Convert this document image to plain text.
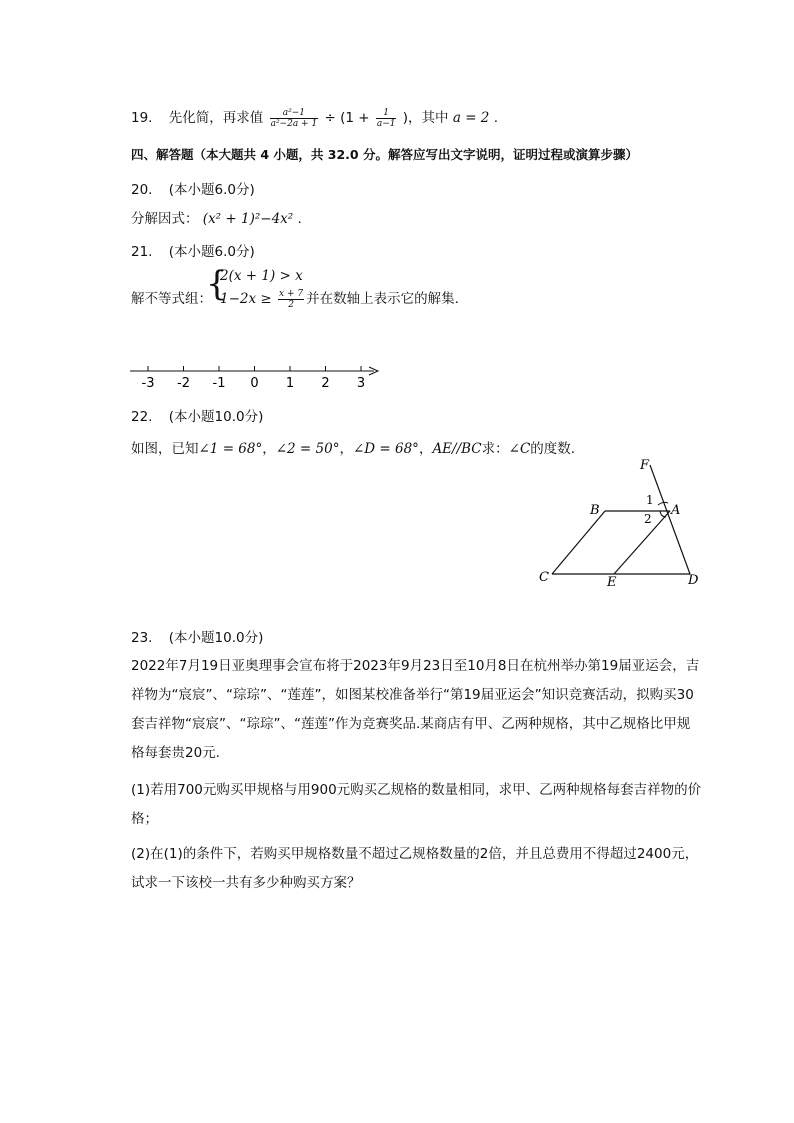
19. 先化简，再求值 $\frac{\text{a²−1}}{\text{a²−2a + 1}} \div (1 + \frac{1}{a-1}$ )，其中 a = 2 .
四、解答题（本大题共 4 小题，共 32.0 分。解答应写出文字说明，证明过程或演算步骤）
20. (本小题6.0分)
分解因式： (x² + 1)²−4x² .
21. (本小题6.0分)
解不等式组：
{
2(x + 1) > x
$1-2x \ge \frac{x + 7}{2}$ 并在数轴上表示它的解集.
-3 -2 -1 0 1 2 3
22. (本小题10.0分)
如图，已知∠1 = 68°，∠2 = 50°，∠D = 68°，AE//BC求：∠C的度数.
F
B	A
1
2
C	E	D
23. (本小题10.0分)
2022年7月19日亚奥理事会宣布将于2023年9月23日至10月8日在杭州举办第19届亚运会，吉祥物为“宸宸”、“琮琮”、“莲莲”，如图某校准备举行“第19届亚运会”知识竞赛活动，拟购买30套吉祥物“宸宸”、“琮琮”、“莲莲”作为竞赛奖品.某商店有甲、乙两种规格，其中乙规格比甲规格每套贵20元.
(1)若用700元购买甲规格与用900元购买乙规格的数量相同，求甲、乙两种规格每套吉祥物的价格；
(2)在(1)的条件下，若购买甲规格数量不超过乙规格数量的2倍，并且总费用不得超过2400元，试求一下该校一共有多少种购买方案？
